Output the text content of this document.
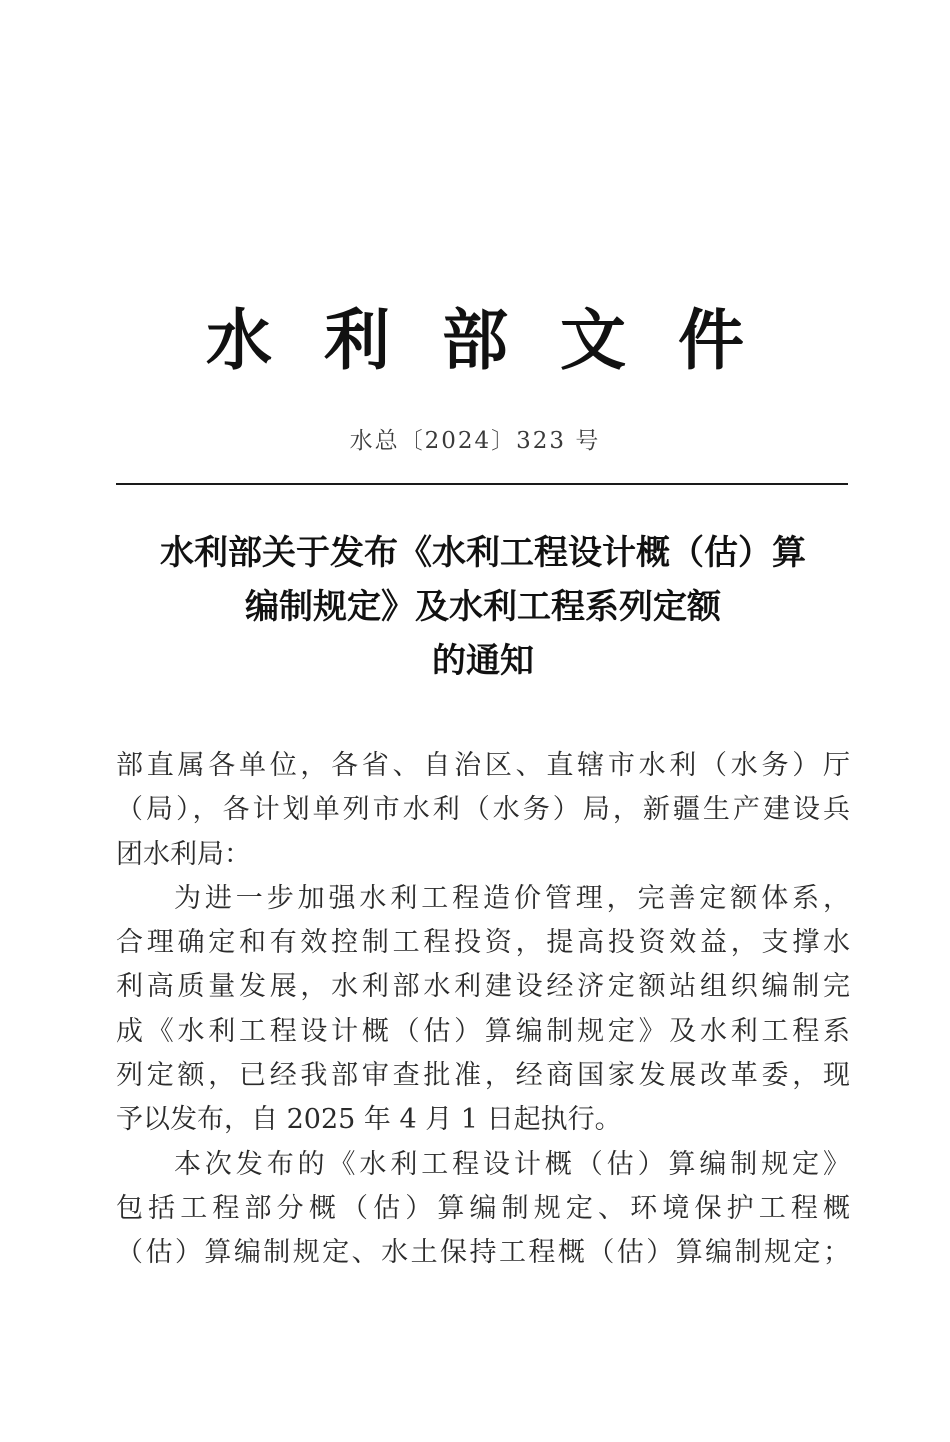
水利部文件
水总〔2024〕323 号
水利部关于发布《水利工程设计概（估）算
编制规定》及水利工程系列定额
的通知
部直属各单位，各省、自治区、直辖市水利（水务）厅
（局），各计划单列市水利（水务）局，新疆生产建设兵
团水利局：
为进一步加强水利工程造价管理，完善定额体系，
合理确定和有效控制工程投资，提高投资效益，支撑水
利高质量发展，水利部水利建设经济定额站组织编制完
成《水利工程设计概（估）算编制规定》及水利工程系
列定额，已经我部审查批准，经商国家发展改革委，现
予以发布，自 2025 年 4 月 1 日起执行。
本次发布的《水利工程设计概（估）算编制规定》
包括工程部分概（估）算编制规定、环境保护工程概
（估）算编制规定、水土保持工程概（估）算编制规定；
